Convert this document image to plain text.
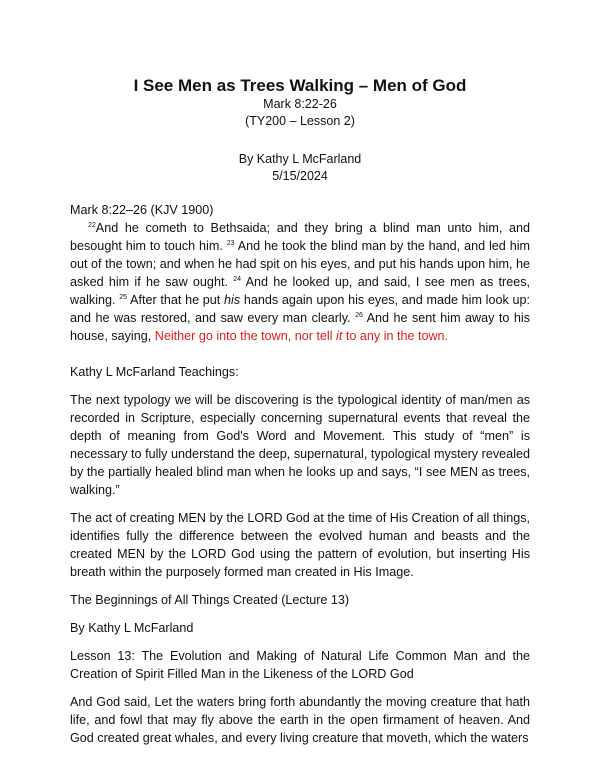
I See Men as Trees Walking – Men of God
Mark 8:22-26
(TY200 – Lesson 2)
By Kathy L McFarland
5/15/2024

Mark 8:22–26 (KJV 1900)

$^{22}$And he cometh to Bethsaida; and they bring a blind man unto him, and besought him to touch him. $^{23}$ And he took the blind man by the hand, and led him out of the town; and when he had spit on his eyes, and put his hands upon him, he asked him if he saw ought. $^{24}$ And he looked up, and said, I see men as trees, walking. $^{25}$ After that he put his hands again upon his eyes, and made him look up: and he was restored, and saw every man clearly. $^{26}$ And he sent him away to his house, saying, Neither go into the town, nor tell it to any in the town.

Kathy L McFarland Teachings:

The next typology we will be discovering is the typological identity of man/men as recorded in Scripture, especially concerning supernatural events that reveal the depth of meaning from God's Word and Movement. This study of “men” is necessary to fully understand the deep, supernatural, typological mystery revealed by the partially healed blind man when he looks up and says, “I see MEN as trees, walking.”

The act of creating MEN by the LORD God at the time of His Creation of all things, identifies fully the difference between the evolved human and beasts and the created MEN by the LORD God using the pattern of evolution, but inserting His breath within the purposely formed man created in His Image.

The Beginnings of All Things Created (Lecture 13)

By Kathy L McFarland

Lesson 13: The Evolution and Making of Natural Life Common Man and the Creation of Spirit Filled Man in the Likeness of the LORD God

And God said, Let the waters bring forth abundantly the moving creature that hath life, and fowl that may fly above the earth in the open firmament of heaven. And God created great whales, and every living creature that moveth, which the waters
